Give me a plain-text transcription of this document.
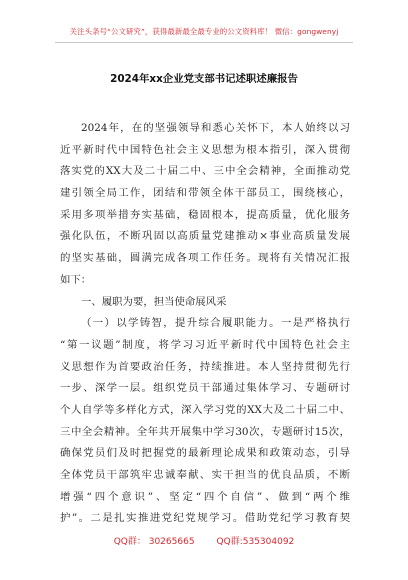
关注头条号“公文研究”，获得最新最全最专业的公文资料库！ 微信：gongwenyj
2024年xx企业党支部书记述职述廉报告
2024年，在的坚强领导和悉心关怀下，本人始终以习
近平新时代中国特色社会主义思想为根本指引，深入贯彻
落实党的XX大及二十届二中、三中全会精神，全面推动党
建引领全局工作，团结和带领全体干部员工，围绕核心，
采用多项举措夯实基础，稳固根本，提高质量，优化服务
强化队伍，不断巩固以高质量党建推动×事业高质量发展
的坚实基础，圆满完成各项工作任务。现将有关情况汇报
如下：
一、履职为要，担当使命展风采
（一）以学铸智，提升综合履职能力。一是严格执行
“第一议题”制度，将学习习近平新时代中国特色社会主
义思想作为首要政治任务，持续推进。本人坚持贯彻先行
一步、深学一层。组织党员干部通过集体学习、专题研讨
个人自学等多样化方式，深入学习党的XX大及二十届二中、
三中全会精神。全年共开展集中学习30次，专题研讨15次，
确保党员们及时把握党的最新理论成果和政策动态，引导
全体党员干部筑牢忠诚奉献、实干担当的优良品质，不断
增强“四个意识”、坚定“四个自信”、做到“两个维
护”。二是扎实推进党纪党规学习。借助党纪学习教育契
QQ群： 30265665 QQ群:535304092
